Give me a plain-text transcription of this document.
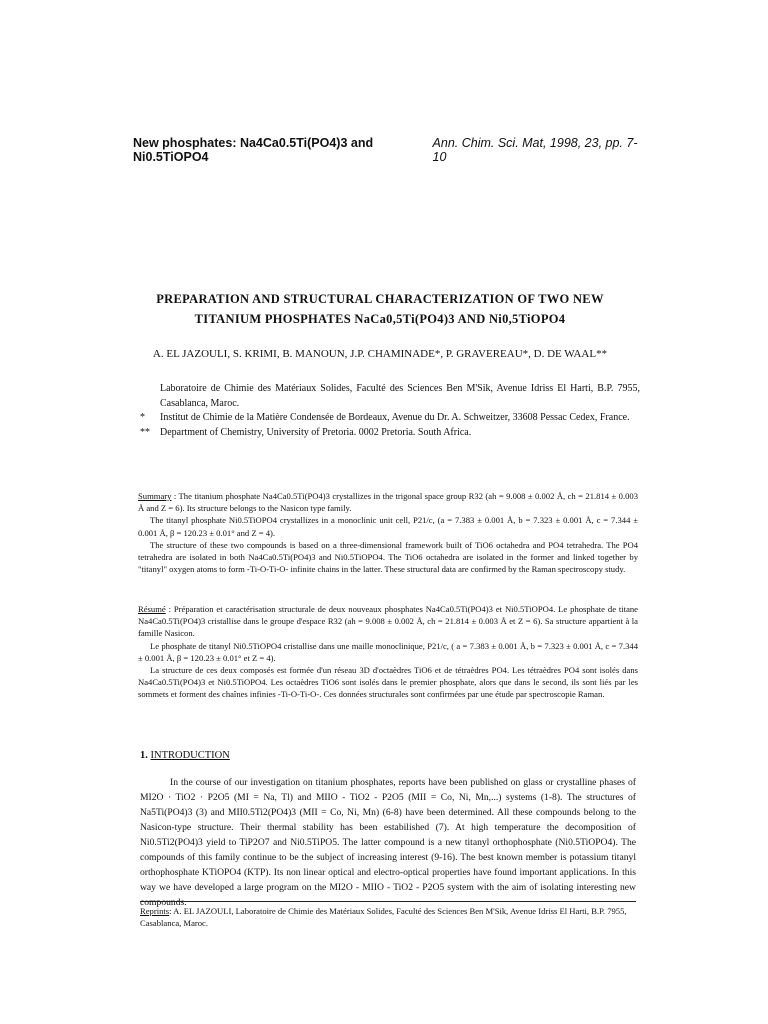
New phosphates: Na4Ca0.5Ti(PO4)3 and Ni0.5TiOPO4
Ann. Chim. Sci. Mat, 1998, 23, pp. 7-10
PREPARATION AND STRUCTURAL CHARACTERIZATION OF TWO NEW
TITANIUM PHOSPHATES NaCa0,5Ti(PO4)3 AND Ni0,5TiOPO4
A. EL JAZOULI, S. KRIMI, B. MANOUN, J.P. CHAMINADE*, P. GRAVEREAU*, D. DE WAAL**
Laboratoire de Chimie des Matériaux Solides, Faculté des Sciences Ben M'Sik, Avenue Idriss El Harti, B.P. 7955, Casablanca, Maroc.
*	Institut de Chimie de la Matière Condensée de Bordeaux, Avenue du Dr. A. Schweitzer, 33608 Pessac Cedex, France.
**	Department of Chemistry, University of Pretoria. 0002 Pretoria. South Africa.

Summary : The titanium phosphate Na4Ca0.5Ti(PO4)3 crystallizes in the trigonal space group R32 (ah = 9.008 ± 0.002 Å, ch = 21.814 ± 0.003 Å and Z = 6). Its structure belongs to the Nasicon type family.

The titanyl phosphate Ni0.5TiOPO4 crystallizes in a monoclinic unit cell, P21/c, (a = 7.383 ± 0.001 Å, b = 7.323 ± 0.001 Å, c = 7.344 ± 0.001 Å, β = 120.23 ± 0.01° and Z = 4).

The structure of these two compounds is based on a three-dimensional framework built of TiO6 octahedra and PO4 tetrahedra. The PO4 tetrahedra are isolated in both Na4Ca0.5Ti(PO4)3 and Ni0.5TiOPO4. The TiO6 octahedra are isolated in the former and linked together by "titanyl" oxygen atoms to form -Ti-O-Ti-O- infinite chains in the latter. These structural data are confirmed by the Raman spectroscopy study.

Résumé : Préparation et caractérisation structurale de deux nouveaux phosphates Na4Ca0.5Ti(PO4)3 et Ni0.5TiOPO4. Le phosphate de titane Na4Ca0.5Ti(PO4)3 cristallise dans le groupe d'espace R32 (ah = 9.008 ± 0.002 Å, ch = 21.814 ± 0.003 Å et Z = 6). Sa structure appartient à la famille Nasicon.

Le phosphate de titanyl Ni0.5TiOPO4 cristallise dans une maille monoclinique, P21/c, ( a = 7.383 ± 0.001 Å, b = 7.323 ± 0.001 Å, c = 7.344 ± 0.001 Å, β = 120.23 ± 0.01° et Z = 4).

La structure de ces deux composés est formée d'un réseau 3D d'octaèdres TiO6 et de tétraèdres PO4. Les tétraèdres PO4 sont isolés dans Na4Ca0.5Ti(PO4)3 et Ni0.5TiOPO4. Les octaèdres TiO6 sont isolés dans le premier phosphate, alors que dans le second, ils sont liés par les sommets et forment des chaînes infinies -Ti-O-Ti-O-. Ces données structurales sont confirmées par une étude par spectroscopie Raman.

1. INTRODUCTION

In the course of our investigation on titanium phosphates, reports have been published on glass or crystalline phases of MI2O · TiO2 · P2O5 (MI = Na, Tl) and MIIO - TiO2 - P2O5 (MII = Co, Ni, Mn,...) systems (1-8). The structures of Na5Ti(PO4)3 (3) and MII0.5Ti2(PO4)3 (MII = Co, Ni, Mn) (6-8) have been determined. All these compounds belong to the Nasicon-type structure. Their thermal stability has been estabilished (7). At high temperature the decomposition of Ni0.5Ti2(PO4)3 yield to TiP2O7 and Ni0.5TiPO5. The latter compound is a new titanyl orthophosphate (Ni0.5TiOPO4). The compounds of this family continue to be the subject of increasing interest (9-16). The best known member is potassium titanyl orthophosphate KTiOPO4 (KTP). Its non linear optical and electro-optical properties have found important applications. In this way we have developed a large program on the MI2O - MIIO - TiO2 - P2O5 system with the aim of isolating interesting new compounds.

Reprints: A. EL JAZOULI, Laboratoire de Chimie des Matériaux Solides, Faculté des Sciences Ben M'Sik, Avenue Idriss El Harti, B.P. 7955, Casablanca, Maroc.
